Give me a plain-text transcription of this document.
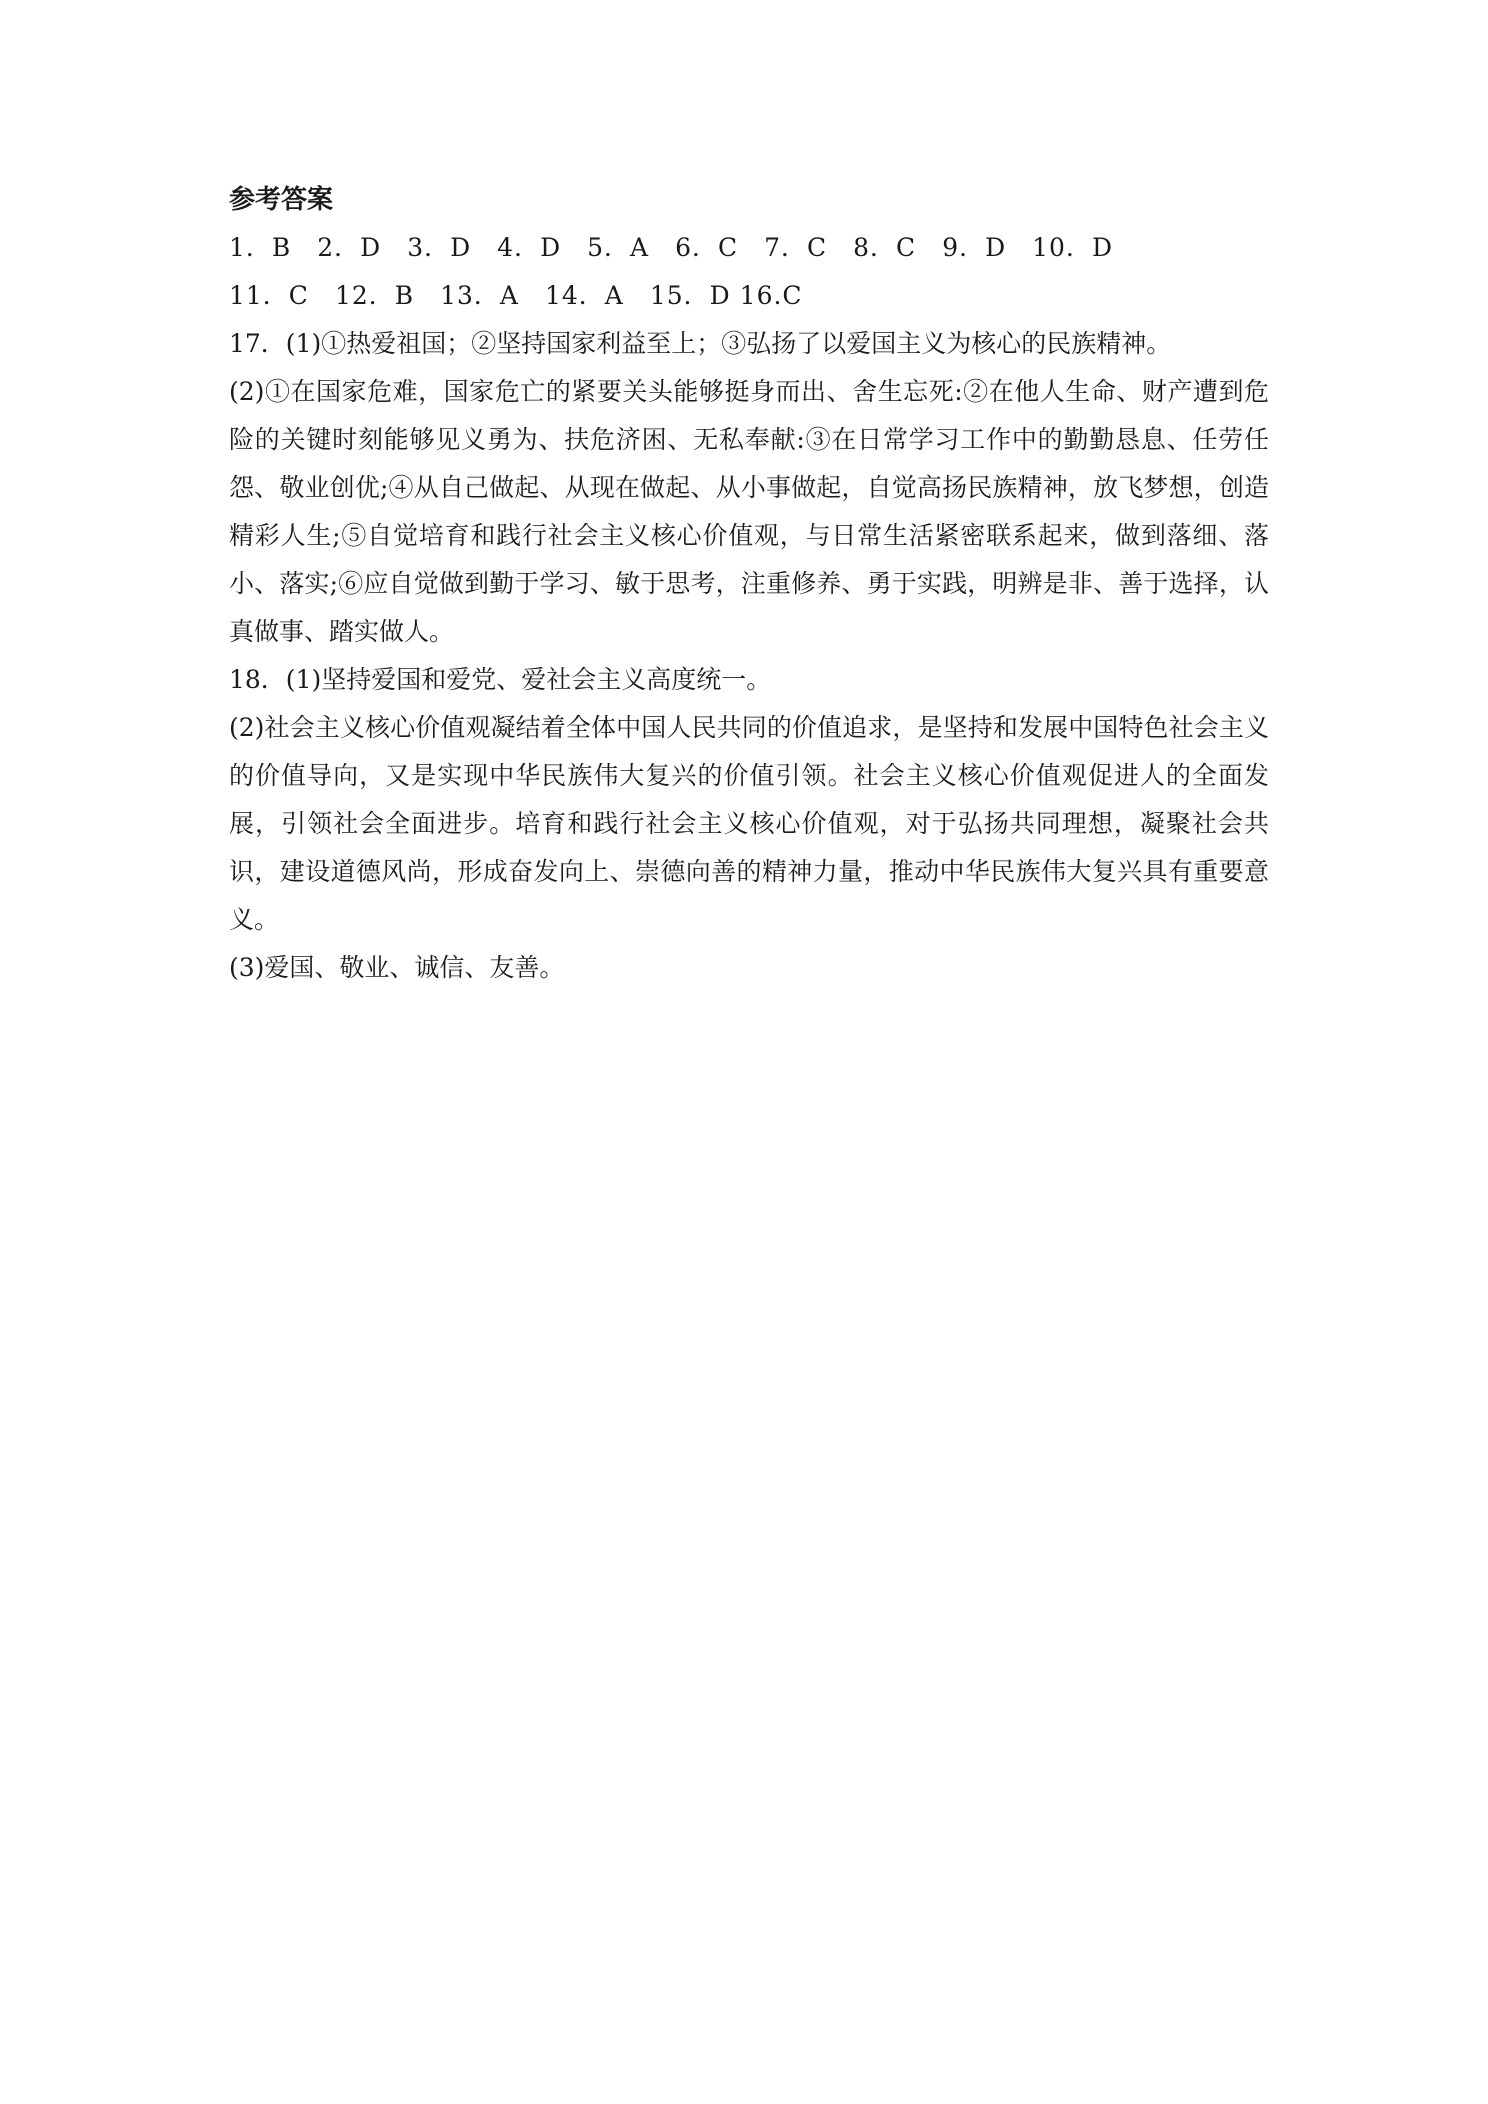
参考答案
1．B　2．D　3．D　4．D　5．A　6．C　7．C　8．C　9．D　10．D
11．C　12．B　13．A　14．A　15．D 16.C
17．(1)①热爱祖国；②坚持国家利益至上；③弘扬了以爱国主义为核心的民族精神。
(2)①在国家危难，国家危亡的紧要关头能够挺身而出、舍生忘死:②在他人生命、财产遭到危险的关键时刻能够见义勇为、扶危济困、无私奉献:③在日常学习工作中的勤勤恳息、任劳任怨、敬业创优;④从自己做起、从现在做起、从小事做起，自觉高扬民族精神，放飞梦想，创造精彩人生;⑤自觉培育和践行社会主义核心价值观，与日常生活紧密联系起来，做到落细、落小、落实;⑥应自觉做到勤于学习、敏于思考，注重修养、勇于实践，明辨是非、善于选择，认真做事、踏实做人。
18．(1)坚持爱国和爱党、爱社会主义高度统一。
(2)社会主义核心价值观凝结着全体中国人民共同的价值追求，是坚持和发展中国特色社会主义的价值导向，又是实现中华民族伟大复兴的价值引领。社会主义核心价值观促进人的全面发展，引领社会全面进步。培育和践行社会主义核心价值观，对于弘扬共同理想，凝聚社会共识，建设道德风尚，形成奋发向上、崇德向善的精神力量，推动中华民族伟大复兴具有重要意义。
(3)爱国、敬业、诚信、友善。
